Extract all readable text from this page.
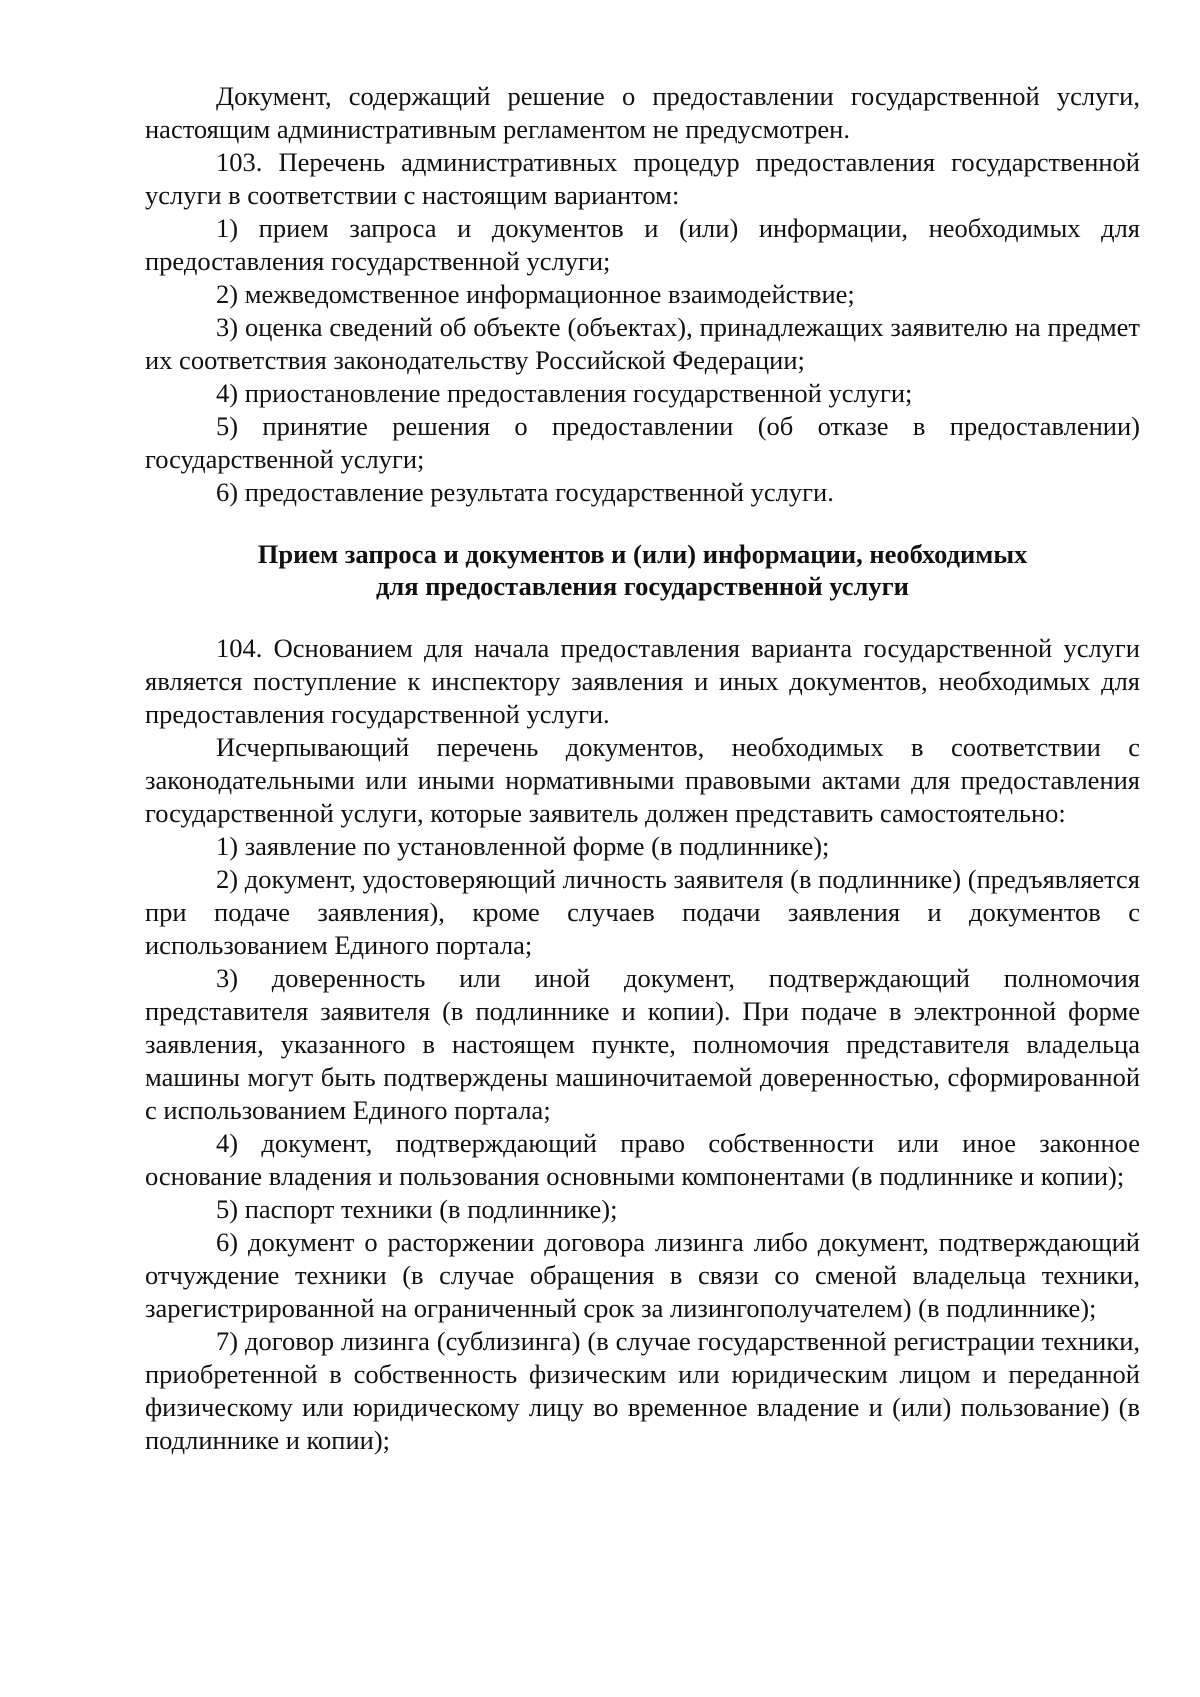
Документ, содержащий решение о предоставлении государственной услуги, настоящим административным регламентом не предусмотрен.

103. Перечень административных процедур предоставления государственной услуги в соответствии с настоящим вариантом:

1) прием запроса и документов и (или) информации, необходимых для предоставления государственной услуги;

2) межведомственное информационное взаимодействие;

3) оценка сведений об объекте (объектах), принадлежащих заявителю на предмет их соответствия законодательству Российской Федерации;

4) приостановление предоставления государственной услуги;

5) принятие решения о предоставлении (об отказе в предоставлении) государственной услуги;

6) предоставление результата государственной услуги.

Прием запроса и документов и (или) информации, необходимых
для предоставления государственной услуги

104. Основанием для начала предоставления варианта государственной услуги является поступление к инспектору заявления и иных документов, необходимых для предоставления государственной услуги.

Исчерпывающий перечень документов, необходимых в соответствии с законодательными или иными нормативными правовыми актами для предоставления государственной услуги, которые заявитель должен представить самостоятельно:

1) заявление по установленной форме (в подлиннике);

2) документ, удостоверяющий личность заявителя (в подлиннике) (предъявляется при подаче заявления), кроме случаев подачи заявления и документов с использованием Единого портала;

3) доверенность или иной документ, подтверждающий полномочия представителя заявителя (в подлиннике и копии). При подаче в электронной форме заявления, указанного в настоящем пункте, полномочия представителя владельца машины могут быть подтверждены машиночитаемой доверенностью, сформированной с использованием Единого портала;

4) документ, подтверждающий право собственности или иное законное основание владения и пользования основными компонентами (в подлиннике и копии);

5) паспорт техники (в подлиннике);

6) документ о расторжении договора лизинга либо документ, подтверждающий отчуждение техники (в случае обращения в связи со сменой владельца техники, зарегистрированной на ограниченный срок за лизингополучателем) (в подлиннике);

7) договор лизинга (сублизинга) (в случае государственной регистрации техники, приобретенной в собственность физическим или юридическим лицом и переданной физическому или юридическому лицу во временное владение и (или) пользование) (в подлиннике и копии);
